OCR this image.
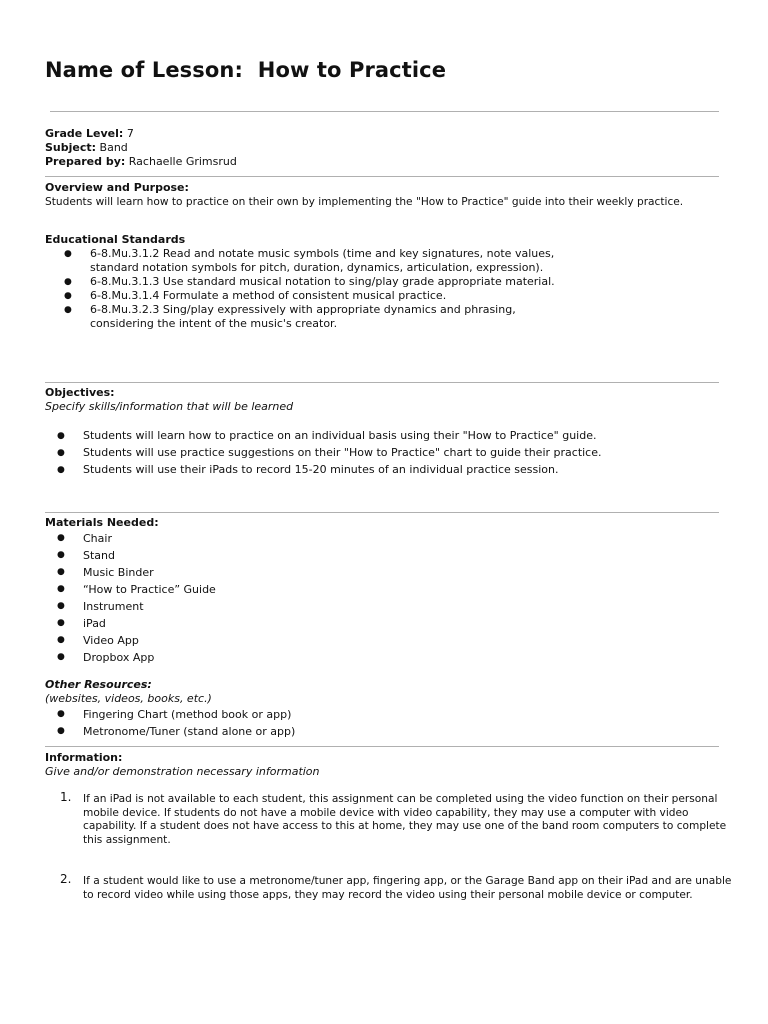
Name of Lesson:  How to Practice
Grade Level: 7
Subject: Band
Prepared by: Rachaelle Grimsrud

Overview and Purpose:

Students will learn how to practice on their own by implementing the "How to Practice" guide into their weekly practice.

Educational Standards

● 6-8.Mu.3.1.2 Read and notate music symbols (time and key signatures, note values, standard notation symbols for pitch, duration, dynamics, articulation, expression).
● 6-8.Mu.3.1.3 Use standard musical notation to sing/play grade appropriate material.
● 6-8.Mu.3.1.4 Formulate a method of consistent musical practice.
● 6-8.Mu.3.2.3 Sing/play expressively with appropriate dynamics and phrasing, considering the intent of the music's creator.

Objectives:

Specify skills/information that will be learned

● Students will learn how to practice on an individual basis using their "How to Practice" guide.
● Students will use practice suggestions on their "How to Practice" chart to guide their practice.
● Students will use their iPads to record 15-20 minutes of an individual practice session.

Materials Needed:

● Chair
● Stand
● Music Binder
● “How to Practice” Guide
● Instrument
● iPad
● Video App
● Dropbox App

Other Resources:

(websites, videos, books, etc.)

● Fingering Chart (method book or app)
● Metronome/Tuner (stand alone or app)

Information:

Give and/or demonstration necessary information

1. If an iPad is not available to each student, this assignment can be completed using the video function on their personal mobile device. If students do not have a mobile device with video capability, they may use a computer with video capability. If a student does not have access to this at home, they may use one of the band room computers to complete this assignment.
2. If a student would like to use a metronome/tuner app, fingering app, or the Garage Band app on their iPad and are unable to record video while using those apps, they may record the video using their personal mobile device or computer.
